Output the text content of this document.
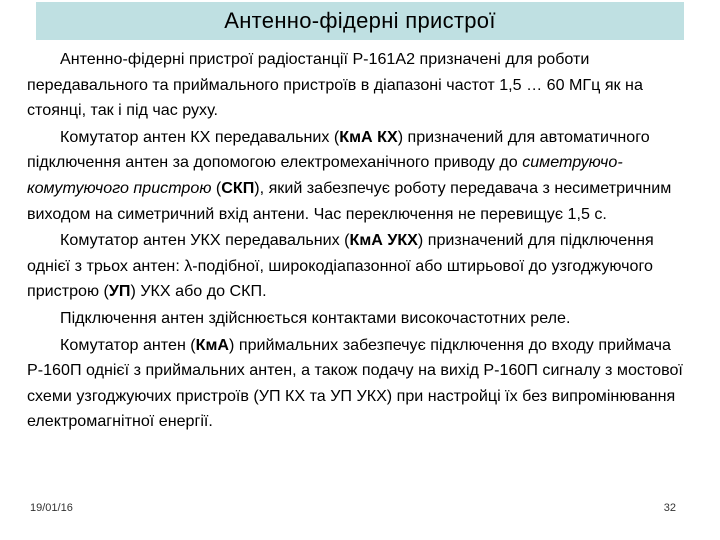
Антенно-фідерні пристрої

Антенно-фідерні пристрої радіостанції Р-161А2 призначені для роботи передавального та приймального пристроїв в діапазоні частот 1,5 … 60 МГц як на стоянці, так і під час руху.

Комутатор антен КХ передавальних (КмА КХ) призначений для автоматичного підключення антен за допомогою електромеханічного приводу до симетруючо-комутуючого пристрою (СКП), який забезпечує роботу передавача з несиметричним виходом на симетричний вхід антени. Час переключення не перевищує 1,5 с.

Комутатор антен УКХ передавальних (КмА УКХ) призначений для підключення однієї з трьох антен: λ-подібної, широкодіапазонної або штирьової до узгоджуючого пристрою (УП) УКХ або до СКП.

Підключення антен здійснюється контактами високочастотних реле.

Комутатор антен (КмА) приймальних забезпечує підключення до входу приймача Р-160П однієї з приймальних антен, а також подачу на вихід Р-160П сигналу з мостової схеми узгоджуючих пристроїв (УП КХ та УП УКХ) при настройці їх без випромінювання електромагнітної енергії.

19/01/16	32
